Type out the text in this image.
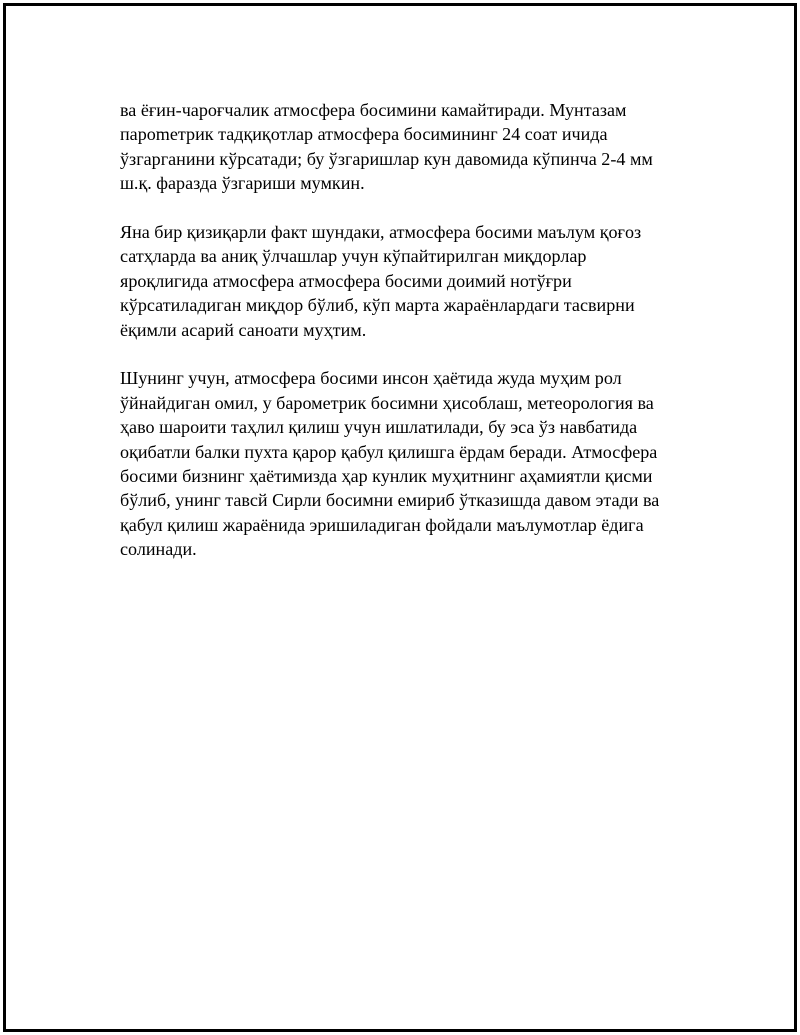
ва ёғин-чароғчалик атмосфера босимини камайтиради. Мунтазам
пароmетрик тадқиқотлар атмосфера босимининг 24 соат ичида
ўзгарганини кўрсатади; бу ўзгаришлар кун давомида кўпинча 2-4 мм
ш.қ. фаразда ўзгариши мумкин.

Яна бир қизиқарли факт шундаки, атмосфера босими маълум қоғоз
сатҳларда ва аниқ ўлчашлар учун кўпайтирилган миқдорлар
яроқлигида атмосфера атмосфера босими доимий нотўғри
кўрсатиладиган миқдор бўлиб, кўп марта жараёнлардаги тасвирни
ёқимли асарий саноати муҳтим.

Шунинг учун, атмосфера босими инсон ҳаётида жуда муҳим рол
ўйнайдиган омил, у барометрик босимни ҳисоблаш, метеорология ва
ҳаво шароити таҳлил қилиш учун ишлатилади, бу эса ўз навбатида
оқибатли балки пухта қарор қабул қилишга ёрдам беради. Атмосфера
босими бизнинг ҳаётимизда ҳар кунлик муҳитнинг аҳамиятли қисми
бўлиб, унинг тавсй Сирли босимни емириб ўтказишда давом этади ва
қабул қилиш жараёнида эришиладиган фойдали маълумотлар ёдига
солинади.
